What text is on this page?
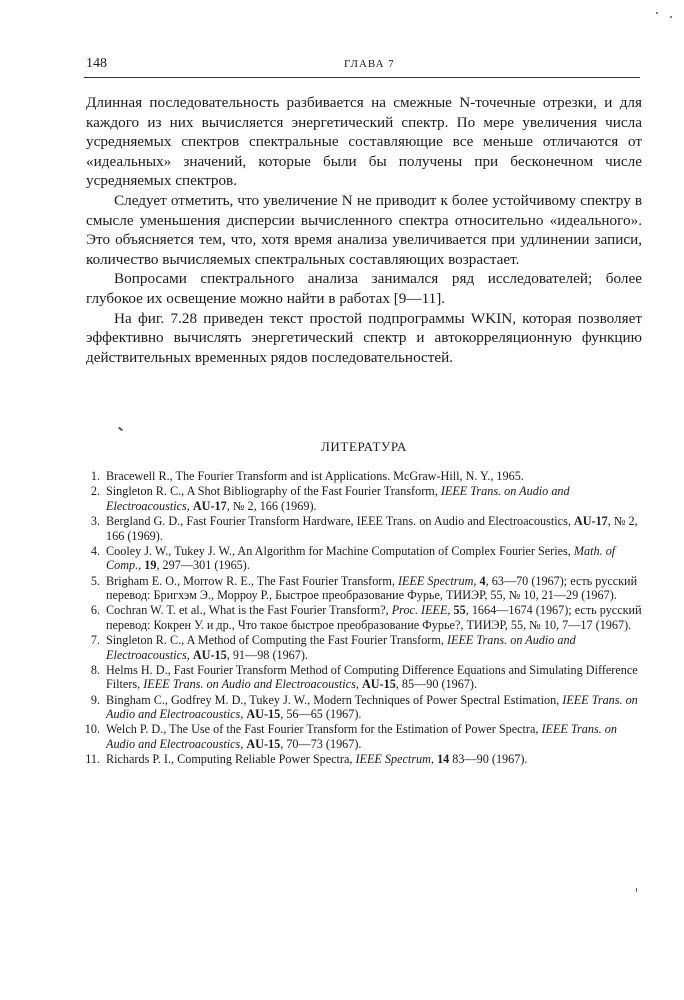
148	ГЛАВА 7

Длинная последовательность разбивается на смежные N-точечные отрезки, и для каждого из них вычисляется энергетический спектр. По мере увеличения числа усредняемых спектров спектральные составляющие все меньше отличаются от «идеальных» значений, которые были бы получены при бесконечном числе усредняемых спектров.

Следует отметить, что увеличение N не приводит к более устойчивому спектру в смысле уменьшения дисперсии вычисленного спектра относительно «идеального». Это объясняется тем, что, хотя время анализа увеличивается при удлинении записи, количество вычисляемых спектральных составляющих возрастает.

Вопросами спектрального анализа занимался ряд исследователей; более глубокое их освещение можно найти в работах [9—11].

На фиг. 7.28 приведен текст простой подпрограммы WKIN, которая позволяет эффективно вычислять энергетический спектр и автокорреляционную функцию действительных временных рядов последовательностей.

ЛИТЕРАТУРА
1. Bracewell R., The Fourier Transform and ist Applications. McGraw-Hill, N. Y., 1965.
2. Singleton R. C., A Shot Bibliography of the Fast Fourier Transform, IEEE Trans. on Audio and Electroacoustics, AU-17, № 2, 166 (1969).
3. Bergland G. D., Fast Fourier Transform Hardware, IEEE Trans. on Audio and Electroacoustics, AU-17, № 2, 166 (1969).
4. Cooley J. W., Tukey J. W., An Algorithm for Machine Computation of Complex Fourier Series, Math. of Comp., 19, 297—301 (1965).
5. Brigham E. O., Morrow R. E., The Fast Fourier Transform, IEEE Spectrum, 4, 63—70 (1967); есть русский перевод: Бригхэм Э., Морроу Р., Быстрое преобразование Фурье, ТИИЭР, 55, № 10, 21—29 (1967).
6. Cochran W. T. et al., What is the Fast Fourier Transform?, Proc. IEEE, 55, 1664—1674 (1967); есть русский перевод: Кокрен У. и др., Что такое быстрое преобразование Фурье?, ТИИЭР, 55, № 10, 7—17 (1967).
7. Singleton R. C., A Method of Computing the Fast Fourier Transform, IEEE Trans. on Audio and Electroacoustics, AU-15, 91—98 (1967).
8. Helms H. D., Fast Fourier Transform Method of Computing Difference Equations and Simulating Difference Filters, IEEE Trans. on Audio and Electroacoustics, AU-15, 85—90 (1967).
9. Bingham C., Godfrey M. D., Tukey J. W., Modern Techniques of Power Spectral Estimation, IEEE Trans. on Audio and Electroacoustics, AU-15, 56—65 (1967).
10. Welch P. D., The Use of the Fast Fourier Transform for the Estimation of Power Spectra, IEEE Trans. on Audio and Electroacoustics, AU-15, 70—73 (1967).
11. Richards P. I., Computing Reliable Power Spectra, IEEE Spectrum, 14 83—90 (1967).
